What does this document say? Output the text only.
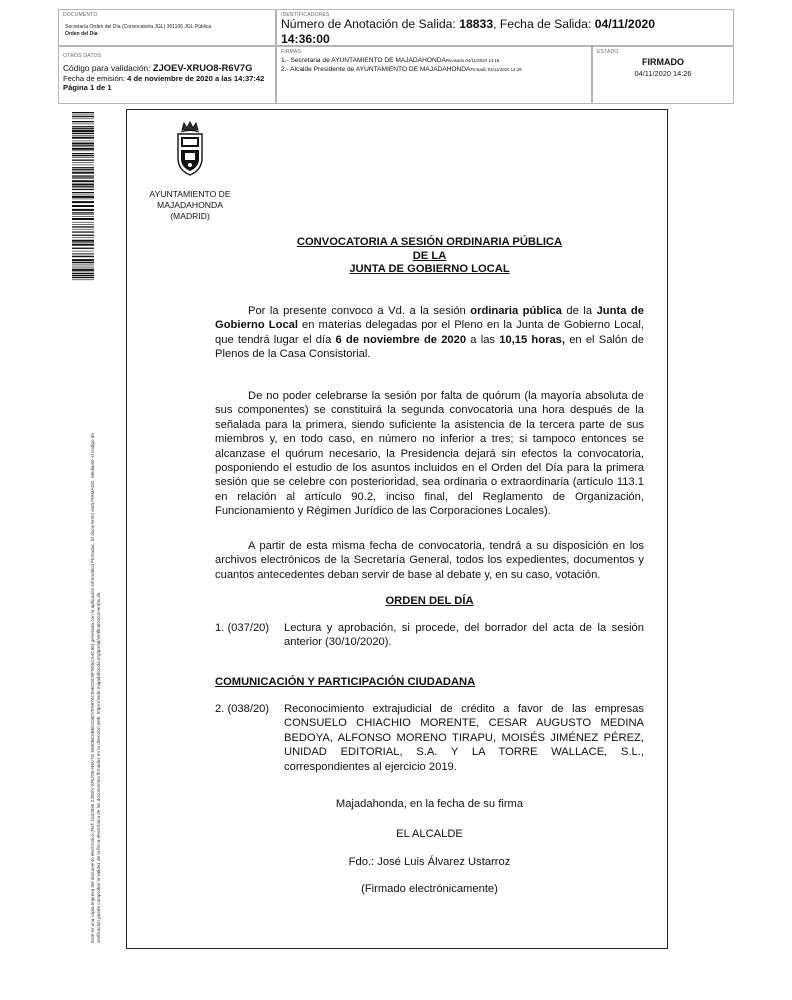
DOCUMENTO
Secretaría Orden del Día (Convocatoria JGL) 301106 JGL Pública
Orden del Día
IDENTIFICADORES
Número de Anotación de Salida: 18833, Fecha de Salida: 04/11/2020
14:36:00
OTROS DATOS
Código para validación: ZJOEV-XRUO8-R6V7G
Fecha de emisión: 4 de noviembre de 2020 a las 14:37:42
Página 1 de 1
FIRMAS
1.- Secretaria de AYUNTAMIENTO DE MAJADAHONDARevisado 04/11/2020 14:15
2.- Alcalde Presidente de AYUNTAMIENTO DE MAJADAHONDAFirmado 04/11/2020 14:26
ESTADO
FIRMADO
04/11/2020 14:26
Este es una copia impresa del documento electrónico (Ref: 1542855 ZJOEV-XRUO8-R6V7G 5900BC0B651D8D7E9970C59EC8CBF9D5CA4C95) generada con la aplicación informática Firmadoc. El documento está FIRMADO. Mediante el código de verificación puede comprobar la validez de la firma electrónica de los documentos firmados en la dirección web: https://sede.majadahonda.org/portal/verificaDocumentos.do
AYUNTAMIENTO DE
MAJADAHONDA
(MADRID)
CONVOCATORIA A SESIÓN ORDINARIA PÚBLICA
DE LA
JUNTA DE GOBIERNO LOCAL
Por la presente convoco a Vd. a la sesión ordinaria pública de la Junta de Gobierno Local en materias delegadas por el Pleno en la Junta de Gobierno Local, que tendrá lugar el día 6 de noviembre de 2020 a las 10,15 horas, en el Salón de Plenos de la Casa Consistorial.
De no poder celebrarse la sesión por falta de quórum (la mayoría absoluta de sus componentes) se constituirá la segunda convocatoria una hora después de la señalada para la primera, siendo suficiente la asistencia de la tercera parte de sus miembros y, en todo caso, en número no inferior a tres; si tampoco entonces se alcanzase el quórum necesario, la Presidencia dejará sin efectos la convocatoria, posponiendo el estudio de los asuntos incluidos en el Orden del Día para la primera sesión que se celebre con posterioridad, sea ordinaria o extraordinaria (artículo 113.1 en relación al artículo 90.2, inciso final, del Reglamento de Organización, Funcionamiento y Régimen Jurídico de las Corporaciones Locales).
A partir de esta misma fecha de convocatoria, tendrá a su disposición en los archivos electrónicos de la Secretaría General, todos los expedientes, documentos y cuantos antecedentes deban servir de base al debate y, en su caso, votación.
ORDEN DEL DÍA
1. (037/20) Lectura y aprobación, si procede, del borrador del acta de la sesión anterior (30/10/2020).
COMUNICACIÓN Y PARTICIPACIÓN CIUDADANA
2. (038/20) Reconocimiento extrajudicial de crédito a favor de las empresas CONSUELO CHIACHIO MORENTE, CESAR AUGUSTO MEDINA BEDOYA, ALFONSO MORENO TIRAPU, MOISÉS JIMÉNEZ PÉREZ, UNIDAD EDITORIAL, S.A. Y LA TORRE WALLACE, S.L., correspondientes al ejercicio 2019.
Majadahonda, en la fecha de su firma
EL ALCALDE
Fdo.: José Luis Álvarez Ustarroz
(Firmado electrónicamente)
